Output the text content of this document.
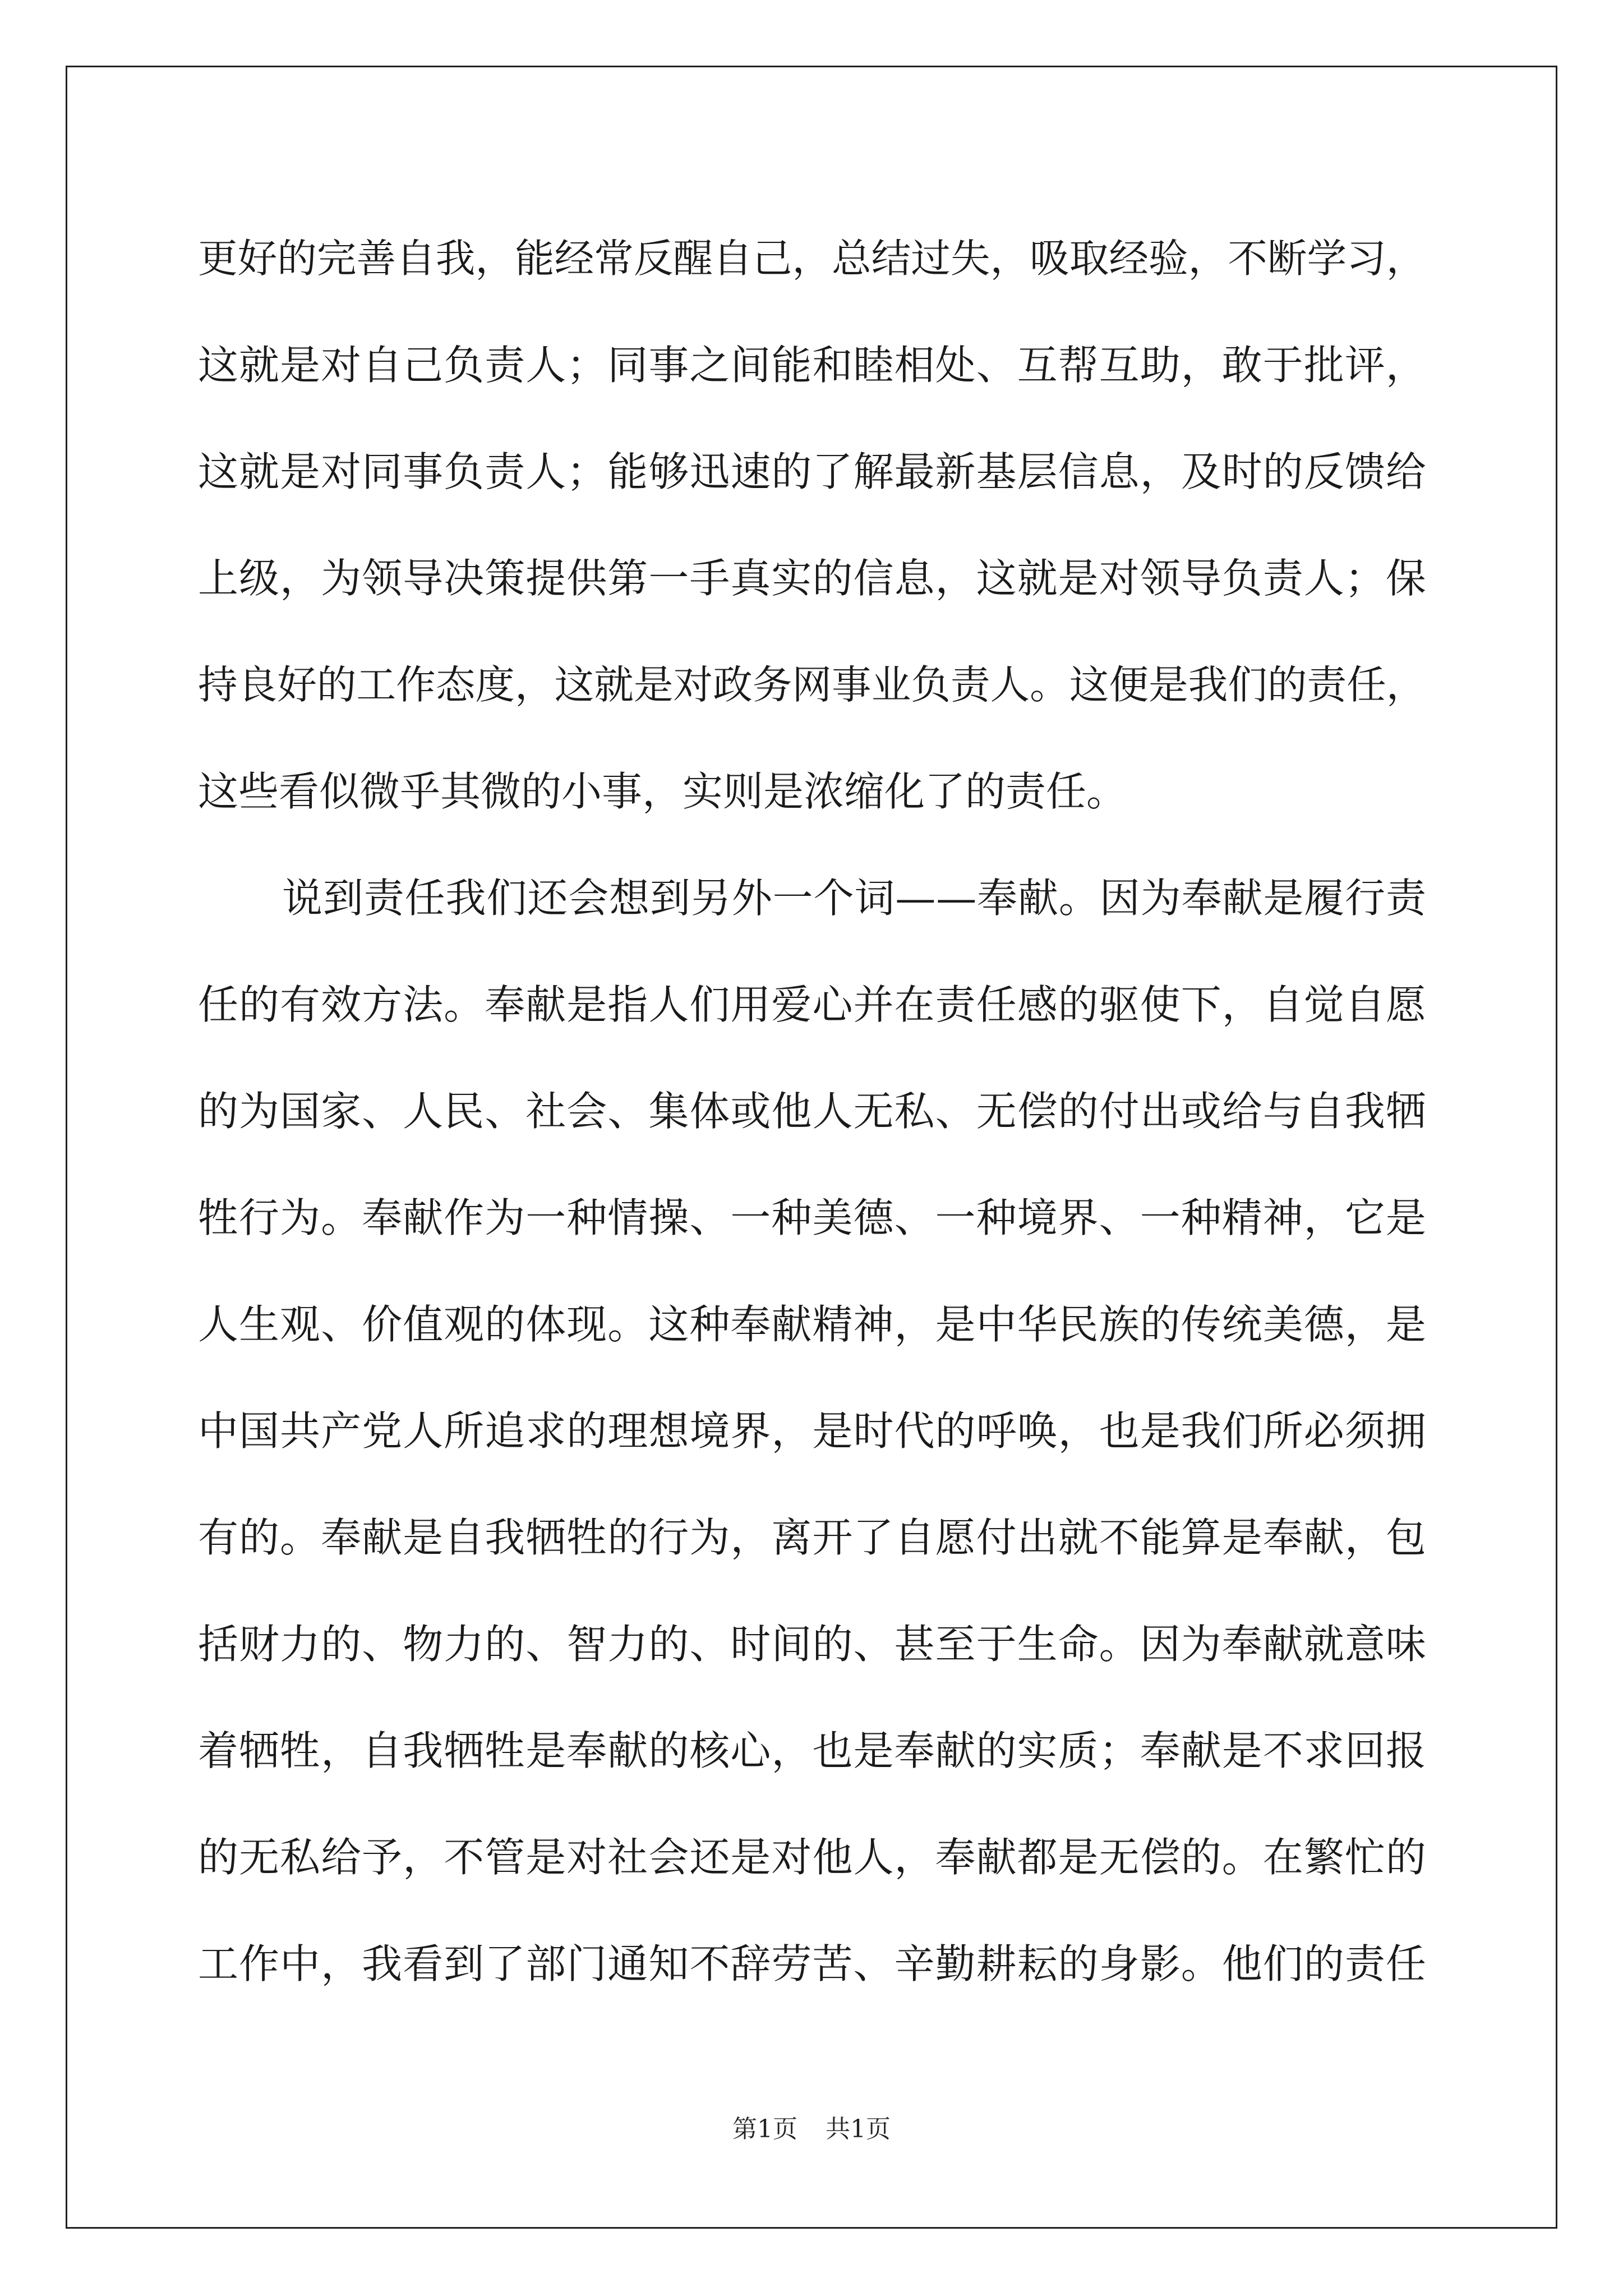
更好的完善自我，能经常反醒自己，总结过失，吸取经验，不断学习，
这就是对自己负责人；同事之间能和睦相处、互帮互助，敢于批评，
这就是对同事负责人；能够迅速的了解最新基层信息，及时的反馈给
上级，为领导决策提供第一手真实的信息，这就是对领导负责人；保
持良好的工作态度，这就是对政务网事业负责人。这便是我们的责任，
这些看似微乎其微的小事，实则是浓缩化了的责任。
说到责任我们还会想到另外一个词——奉献。因为奉献是履行责
任的有效方法。奉献是指人们用爱心并在责任感的驱使下，自觉自愿
的为国家、人民、社会、集体或他人无私、无偿的付出或给与自我牺
牲行为。奉献作为一种情操、一种美德、一种境界、一种精神，它是
人生观、价值观的体现。这种奉献精神，是中华民族的传统美德，是
中国共产党人所追求的理想境界，是时代的呼唤，也是我们所必须拥
有的。奉献是自我牺牲的行为，离开了自愿付出就不能算是奉献，包
括财力的、物力的、智力的、时间的、甚至于生命。因为奉献就意味
着牺牲，自我牺牲是奉献的核心，也是奉献的实质；奉献是不求回报
的无私给予，不管是对社会还是对他人，奉献都是无偿的。在繁忙的
工作中，我看到了部门通知不辞劳苦、辛勤耕耘的身影。他们的责任
第1页 共1页
